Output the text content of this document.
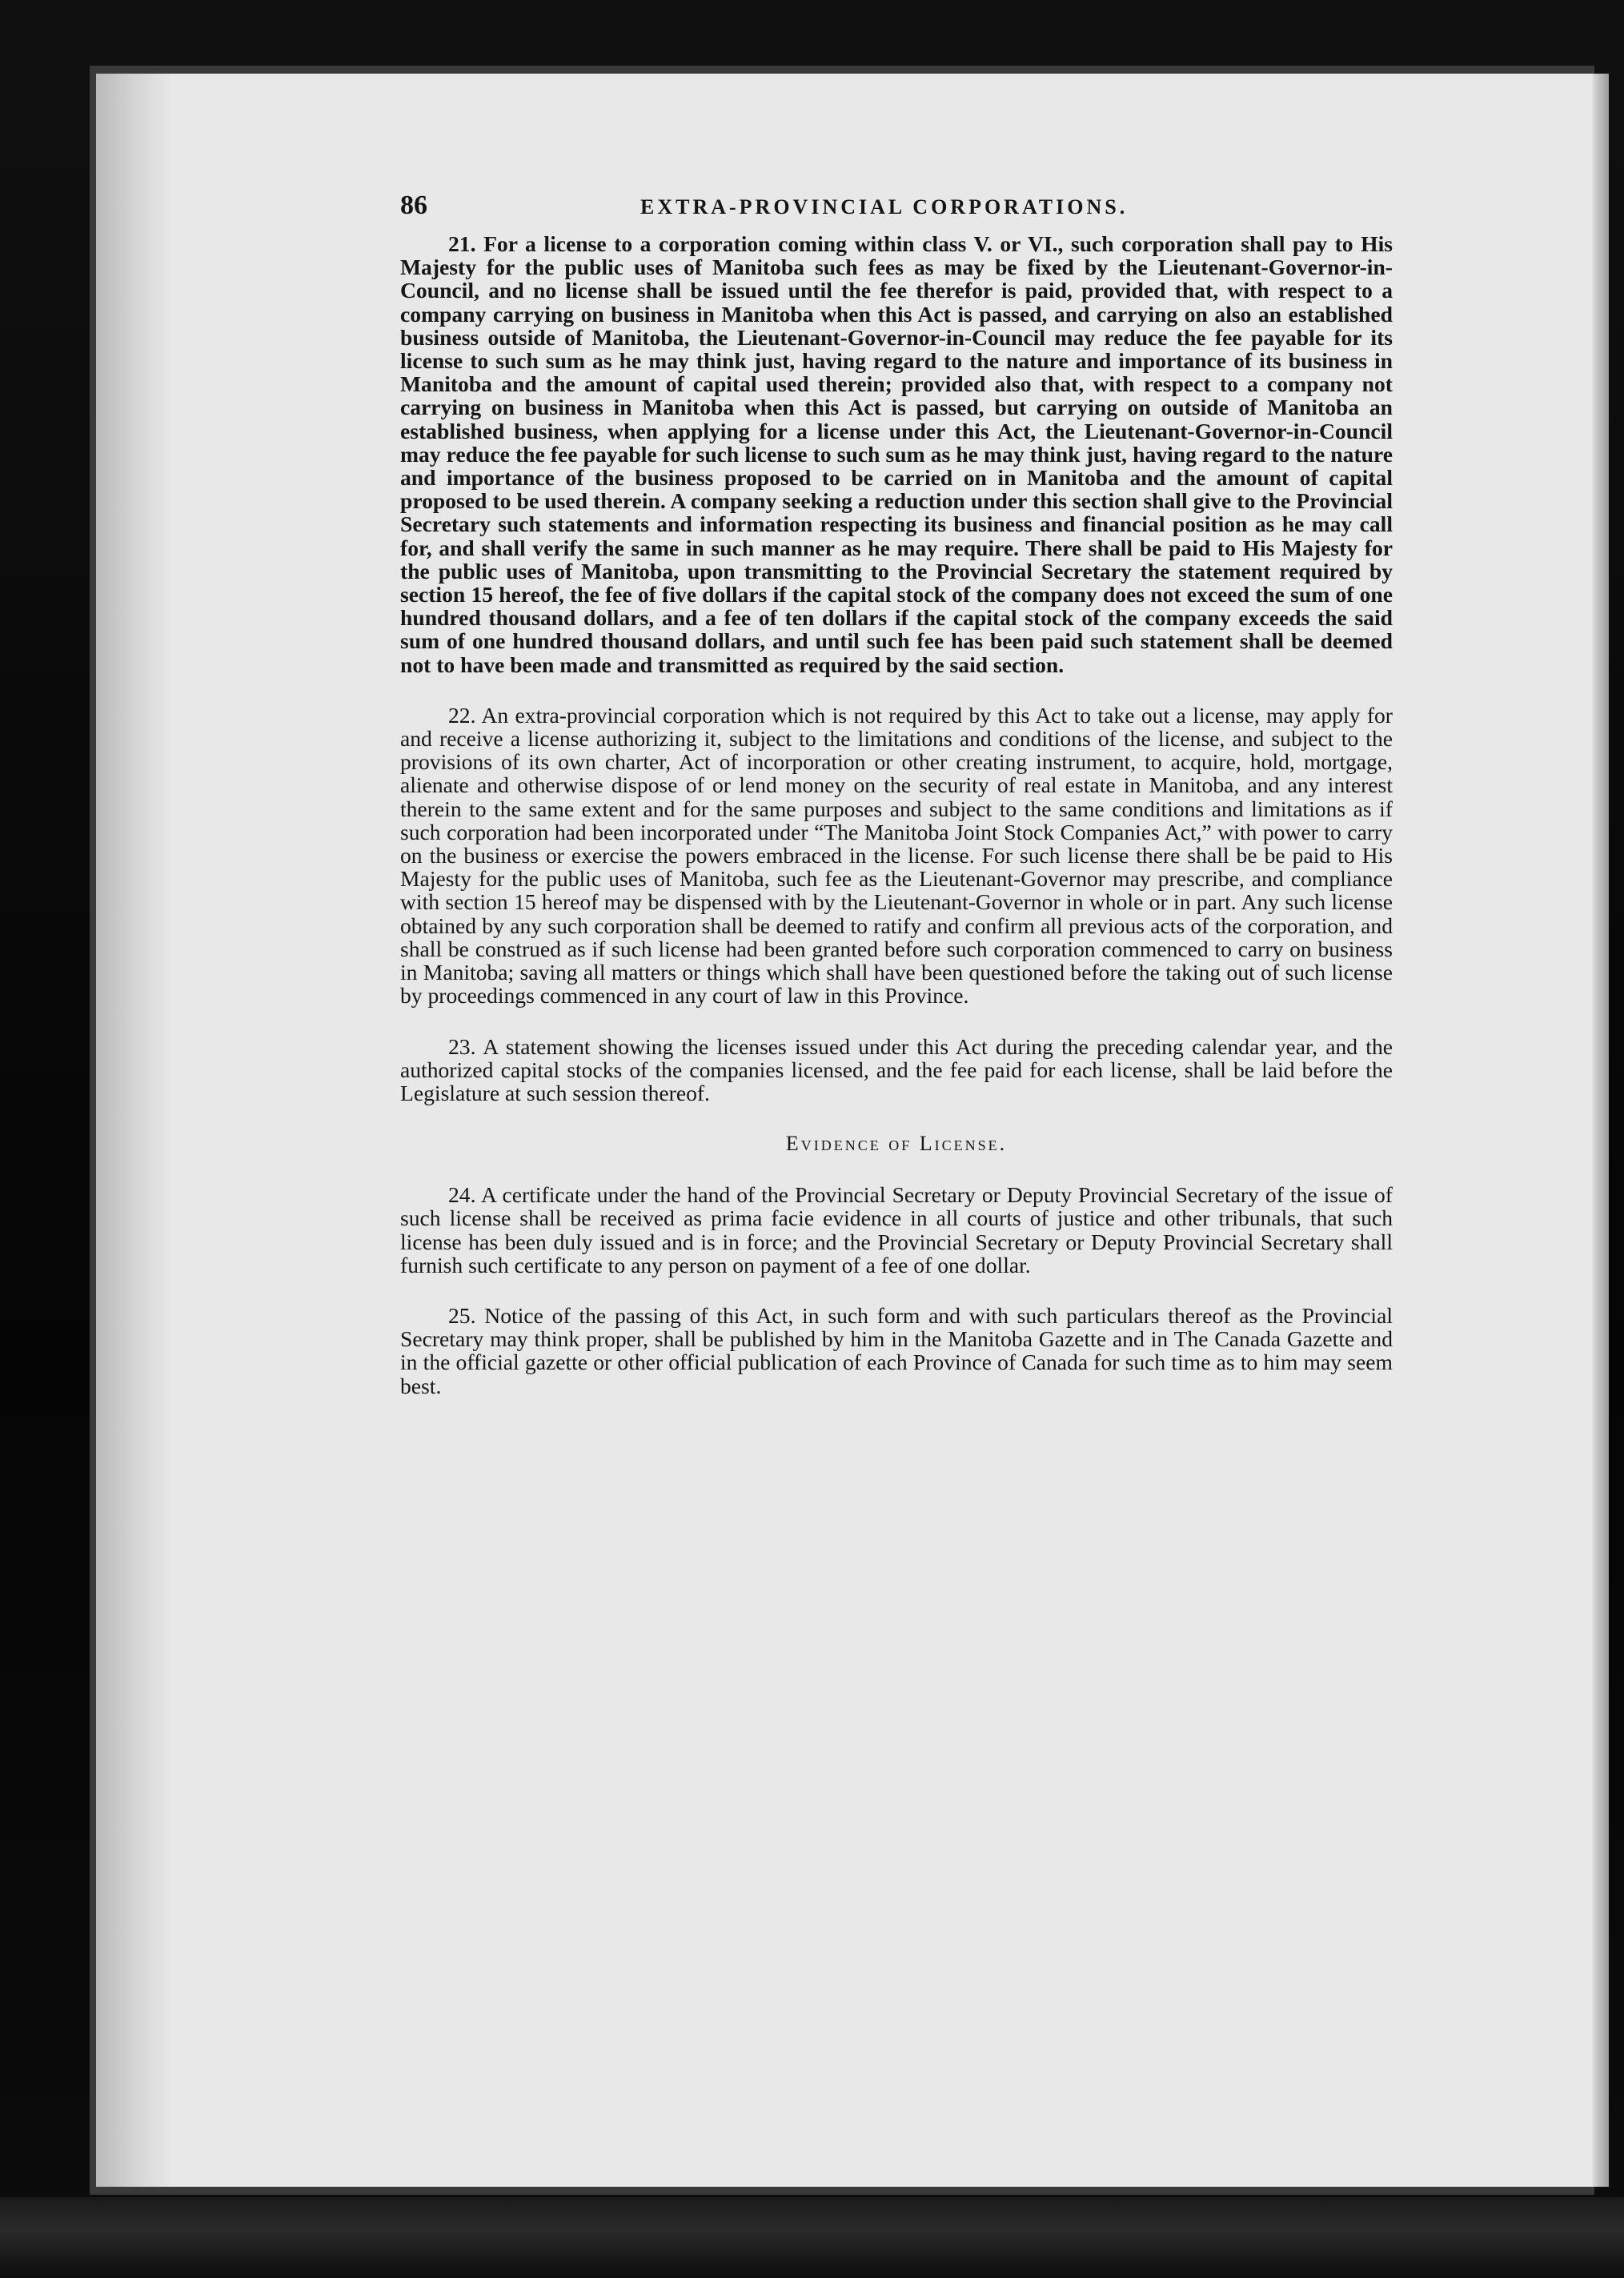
86	EXTRA-PROVINCIAL CORPORATIONS.

21. For a license to a corporation coming within class V. or VI., such corporation shall pay to His Majesty for the public uses of Manitoba such fees as may be fixed by the Lieutenant-Governor-in-Council, and no license shall be issued until the fee therefor is paid, provided that, with respect to a company carrying on business in Manitoba when this Act is passed, and carrying on also an established business outside of Manitoba, the Lieutenant-Governor-in-Council may reduce the fee payable for its license to such sum as he may think just, having regard to the nature and importance of its business in Manitoba and the amount of capital used therein; provided also that, with respect to a company not carrying on business in Manitoba when this Act is passed, but carrying on outside of Manitoba an established business, when applying for a license under this Act, the Lieutenant-Governor-in-Council may reduce the fee payable for such license to such sum as he may think just, having regard to the nature and importance of the business proposed to be carried on in Manitoba and the amount of capital proposed to be used therein. A company seeking a reduction under this section shall give to the Provincial Secretary such statements and information respecting its business and financial position as he may call for, and shall verify the same in such manner as he may require. There shall be paid to His Majesty for the public uses of Manitoba, upon transmitting to the Provincial Secretary the statement required by section 15 hereof, the fee of five dollars if the capital stock of the company does not exceed the sum of one hundred thousand dollars, and a fee of ten dollars if the capital stock of the company exceeds the said sum of one hundred thousand dollars, and until such fee has been paid such statement shall be deemed not to have been made and transmitted as required by the said section.

22. An extra-provincial corporation which is not required by this Act to take out a license, may apply for and receive a license authorizing it, subject to the limitations and conditions of the license, and subject to the provisions of its own charter, Act of incorporation or other creating instrument, to acquire, hold, mortgage, alienate and otherwise dispose of or lend money on the security of real estate in Manitoba, and any interest therein to the same extent and for the same purposes and subject to the same conditions and limitations as if such corporation had been incorporated under “The Manitoba Joint Stock Companies Act,” with power to carry on the business or exercise the powers embraced in the license. For such license there shall be be paid to His Majesty for the public uses of Manitoba, such fee as the Lieutenant-Governor may prescribe, and compliance with section 15 hereof may be dispensed with by the Lieutenant-Governor in whole or in part. Any such license obtained by any such corporation shall be deemed to ratify and confirm all previous acts of the corporation, and shall be construed as if such license had been granted before such corporation commenced to carry on business in Manitoba; saving all matters or things which shall have been questioned before the taking out of such license by proceedings commenced in any court of law in this Province.

23. A statement showing the licenses issued under this Act during the preceding calendar year, and the authorized capital stocks of the companies licensed, and the fee paid for each license, shall be laid before the Legislature at such session thereof.

Evidence of License.

24. A certificate under the hand of the Provincial Secretary or Deputy Provincial Secretary of the issue of such license shall be received as prima facie evidence in all courts of justice and other tribunals, that such license has been duly issued and is in force; and the Provincial Secretary or Deputy Provincial Secretary shall furnish such certificate to any person on payment of a fee of one dollar.

25. Notice of the passing of this Act, in such form and with such particulars thereof as the Provincial Secretary may think proper, shall be published by him in the Manitoba Gazette and in The Canada Gazette and in the official gazette or other official publication of each Province of Canada for such time as to him may seem best.
